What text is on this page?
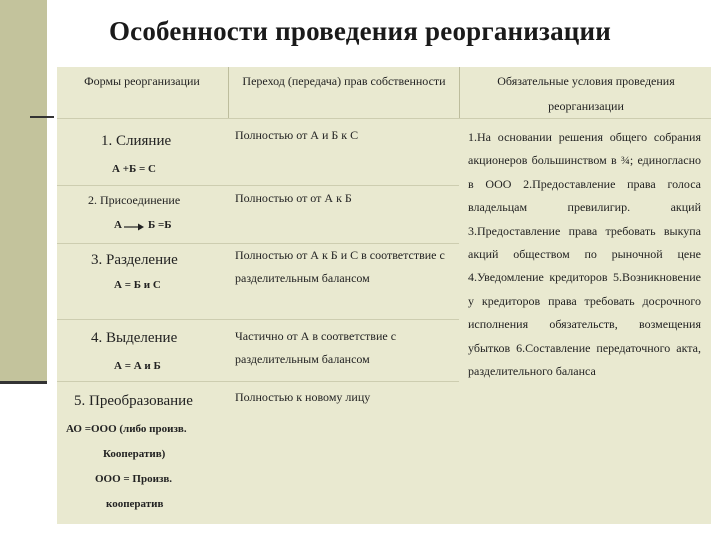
Особенности проведения реорганизации
Формы реорганизации	Переход (передача) прав собственности	Обязательные условия проведения реорганизации
1. Слияние
А +Б = С
Полностью от А и Б к С
2. Присоединение
А Б =Б
Полностью от от А к Б
3. Разделение
А = Б и С
Полностью от А к Б и С в соответствие с разделительным балансом
4. Выделение
А = А и Б
Частично от А в соответствие с разделительным балансом
5. Преобразование
АО =ООО (либо произв.
Кооператив)
ООО = Произв.
кооператив
Полностью к новому лицу
1.На основании решения общего собрания акционеров большинством в ¾; единогласно в ООО 2.Предоставление права голоса владельцам превилигир. акций 3.Предоставление права требовать выкупа акций обществом по рыночной цене 4.Уведомление кредиторов 5.Возникновение у кредиторов права требовать досрочного исполнения обязательств, возмещения убытков 6.Составление передаточного акта, разделительного баланса
